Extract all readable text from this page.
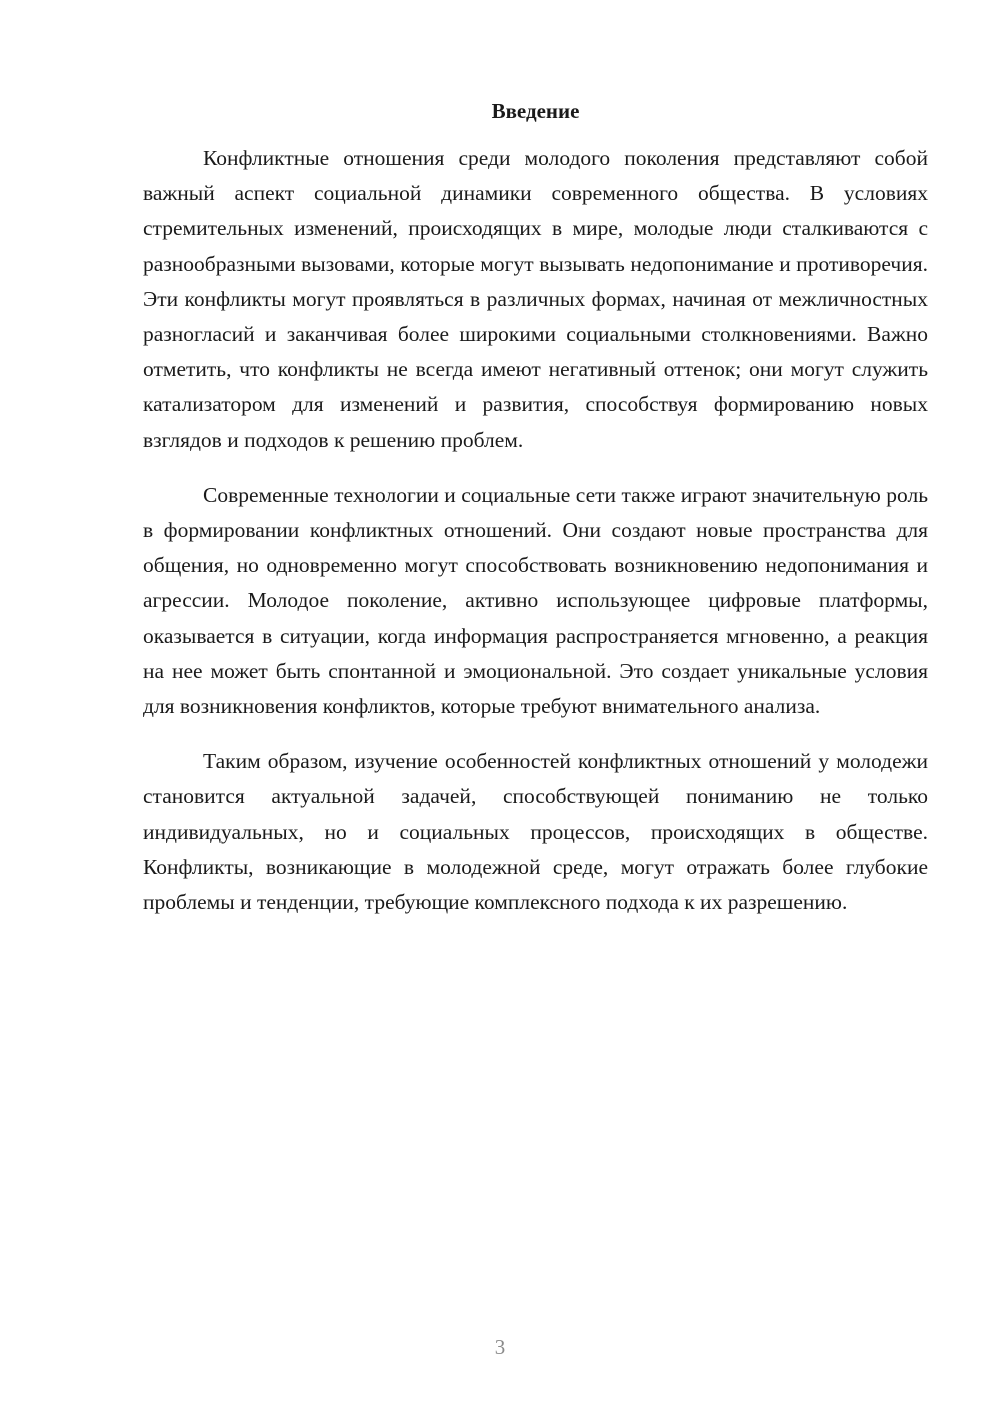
Введение

Конфликтные отношения среди молодого поколения представляют собой важный аспект социальной динамики современного общества. В условиях стремительных изменений, происходящих в мире, молодые люди сталкиваются с разнообразными вызовами, которые могут вызывать недопонимание и противоречия. Эти конфликты могут проявляться в различных формах, начиная от межличностных разногласий и заканчивая более широкими социальными столкновениями. Важно отметить, что конфликты не всегда имеют негативный оттенок; они могут служить катализатором для изменений и развития, способствуя формированию новых взглядов и подходов к решению проблем.

Современные технологии и социальные сети также играют значительную роль в формировании конфликтных отношений. Они создают новые пространства для общения, но одновременно могут способствовать возникновению недопонимания и агрессии. Молодое поколение, активно использующее цифровые платформы, оказывается в ситуации, когда информация распространяется мгновенно, а реакция на нее может быть спонтанной и эмоциональной. Это создает уникальные условия для возникновения конфликтов, которые требуют внимательного анализа.

Таким образом, изучение особенностей конфликтных отношений у молодежи становится актуальной задачей, способствующей пониманию не только индивидуальных, но и социальных процессов, происходящих в обществе. Конфликты, возникающие в молодежной среде, могут отражать более глубокие проблемы и тенденции, требующие комплексного подхода к их разрешению.

3
